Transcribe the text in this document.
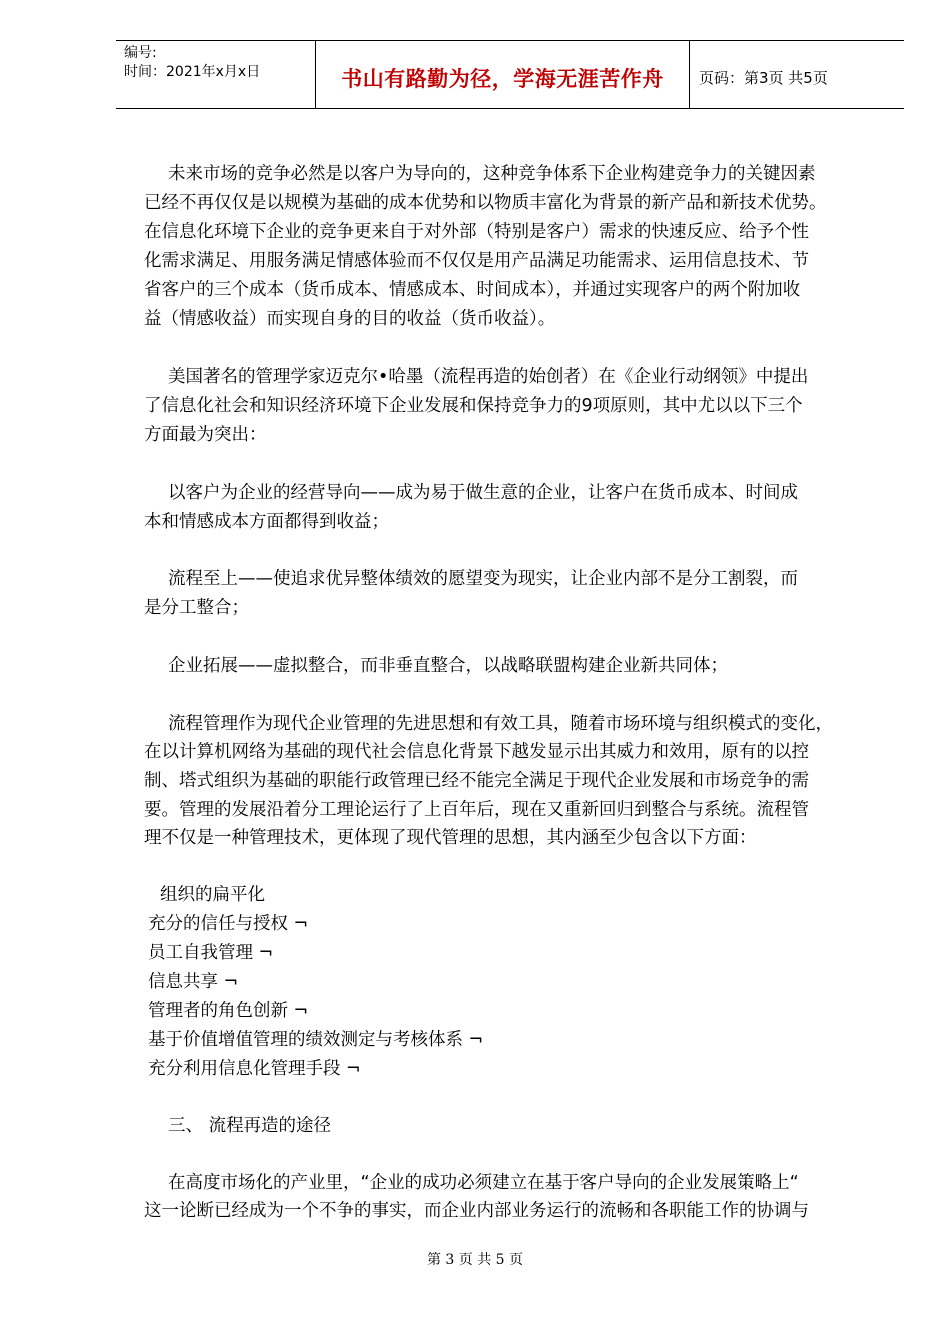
编号:
时间：2021年x月x日	书山有路勤为径，学海无涯苦作舟	页码：第3页 共5页
未来市场的竞争必然是以客户为导向的，这种竞争体系下企业构建竞争力的关键因素
已经不再仅仅是以规模为基础的成本优势和以物质丰富化为背景的新产品和新技术优势。
在信息化环境下企业的竞争更来自于对外部（特别是客户）需求的快速反应、给予个性
化需求满足、用服务满足情感体验而不仅仅是用产品满足功能需求、运用信息技术、节
省客户的三个成本（货币成本、情感成本、时间成本），并通过实现客户的两个附加收
益（情感收益）而实现自身的目的收益（货币收益）。
美国著名的管理学家迈克尔•哈墨（流程再造的始创者）在《企业行动纲领》中提出
了信息化社会和知识经济环境下企业发展和保持竞争力的9项原则，其中尤以以下三个
方面最为突出：
以客户为企业的经营导向——成为易于做生意的企业，让客户在货币成本、时间成
本和情感成本方面都得到收益；
流程至上——使追求优异整体绩效的愿望变为现实，让企业内部不是分工割裂，而
是分工整合；
企业拓展——虚拟整合，而非垂直整合，以战略联盟构建企业新共同体；
流程管理作为现代企业管理的先进思想和有效工具，随着市场环境与组织模式的变化，
在以计算机网络为基础的现代社会信息化背景下越发显示出其威力和效用，原有的以控
制、塔式组织为基础的职能行政管理已经不能完全满足于现代企业发展和市场竞争的需
要。管理的发展沿着分工理论运行了上百年后，现在又重新回归到整合与系统。流程管
理不仅是一种管理技术，更体现了现代管理的思想，其内涵至少包含以下方面：
组织的扁平化
充分的信任与授权 ¬
员工自我管理 ¬
信息共享 ¬
管理者的角色创新 ¬
基于价值增值管理的绩效测定与考核体系 ¬
充分利用信息化管理手段 ¬
三、 流程再造的途径
在高度市场化的产业里，“企业的成功必须建立在基于客户导向的企业发展策略上“
这一论断已经成为一个不争的事实，而企业内部业务运行的流畅和各职能工作的协调与
第 3 页 共 5 页
